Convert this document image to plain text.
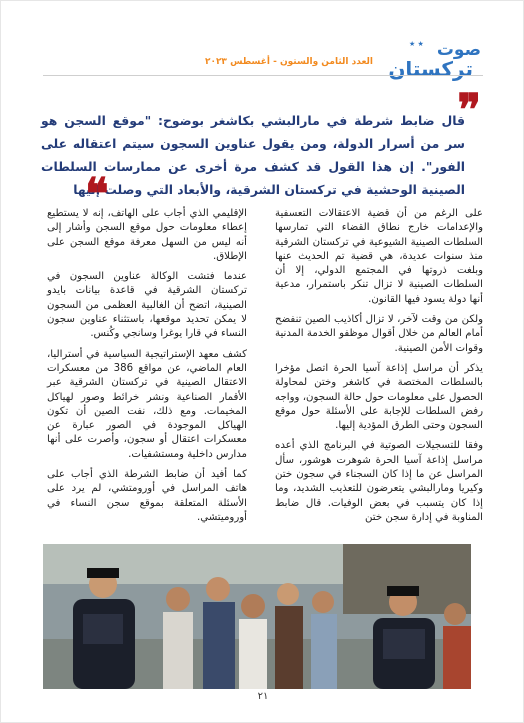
★ ★ صوت
تركستان
العدد الثامن والستون - أغسطس ٢٠٢٣
❞
قال ضابط شرطة في مارالبشي بكاشغر بوضوح: "موقع السجن هو سر من أسرار الدولة، ومن يقول عناوين السجون سيتم اعتقاله على الفور". إن هذا القول قد كشف مرة أخرى عن ممارسات السلطات الصينية الوحشية في تركستان الشرقية، والأبعاد التي وصلت إليها
❝	على الرغم من أن قضية الاعتقالات التعسفية والإعدامات خارج نطاق القضاء التي تمارسها السلطات الصينية الشيوعية في تركستان الشرقية منذ سنوات عديدة، هي قضية تم الحديث عنها وبلغت ذروتها في المجتمع الدولي، إلا أن السلطات الصينية لا تزال تنكر باستمرار، مدعية أنها دولة يسود فيها القانون.

ولكن من وقت لآخر، لا تزال أكاذيب الصين تنفضح أمام العالم من خلال أقوال موظفو الخدمة المدنية وقوات الأمن الصينية.

يذكر أن مراسل إذاعة آسيا الحرة اتصل مؤخرا بالسلطات المختصة في كاشغر وختن لمحاولة الحصول على معلومات حول حالة السجون، وواجه رفض السلطات للإجابة على الأسئلة حول موقع السجون وحتى الطرق المؤدية إليها.

وفقا للتسجيلات الصوتية في البرنامج الذي أعده مراسل إذاعة آسيا الحرة شوهرت هوشور، سأل المراسل عن ما إذا كان السجناء في سجون ختن وكيريا ومارالبشي يتعرضون للتعذيب الشديد، وما إذا كان يتسبب في بعض الوفيات. قال ضابط المناوبة في إدارة سجن ختن

الإقليمي الذي أجاب على الهاتف، إنه لا يستطيع إعطاء معلومات حول موقع السجن وأشار إلى أنه ليس من السهل معرفة موقع السجن على الإطلاق.

عندما فتشت الوكالة عناوين السجون في تركستان الشرقية في قاعدة بيانات بايدو الصينية، اتضح أن الغالبية العظمى من السجون لا يمكن تحديد موقعها، باستثناء عناوين سجون النساء في قارا يوغرا وسانجي وكُنس.

كشف معهد الإستراتيجية السياسية في أستراليا، العام الماضي، عن مواقع 386 من معسكرات الاعتقال الصينية في تركستان الشرقية عبر الأقمار الصناعية ونشر خرائط وصور لهياكل المخيمات. ومع ذلك، نفت الصين أن تكون الهياكل الموجودة في الصور عبارة عن معسكرات اعتقال أو سجون، وأصرت على أنها مدارس داخلية ومستشفيات.

كما أفيد أن ضابط الشرطة الذي أجاب على هاتف المراسل في أورومتشي، لم يرد على الأسئلة المتعلقة بموقع سجن النساء في أوروميتشي.

٢١
